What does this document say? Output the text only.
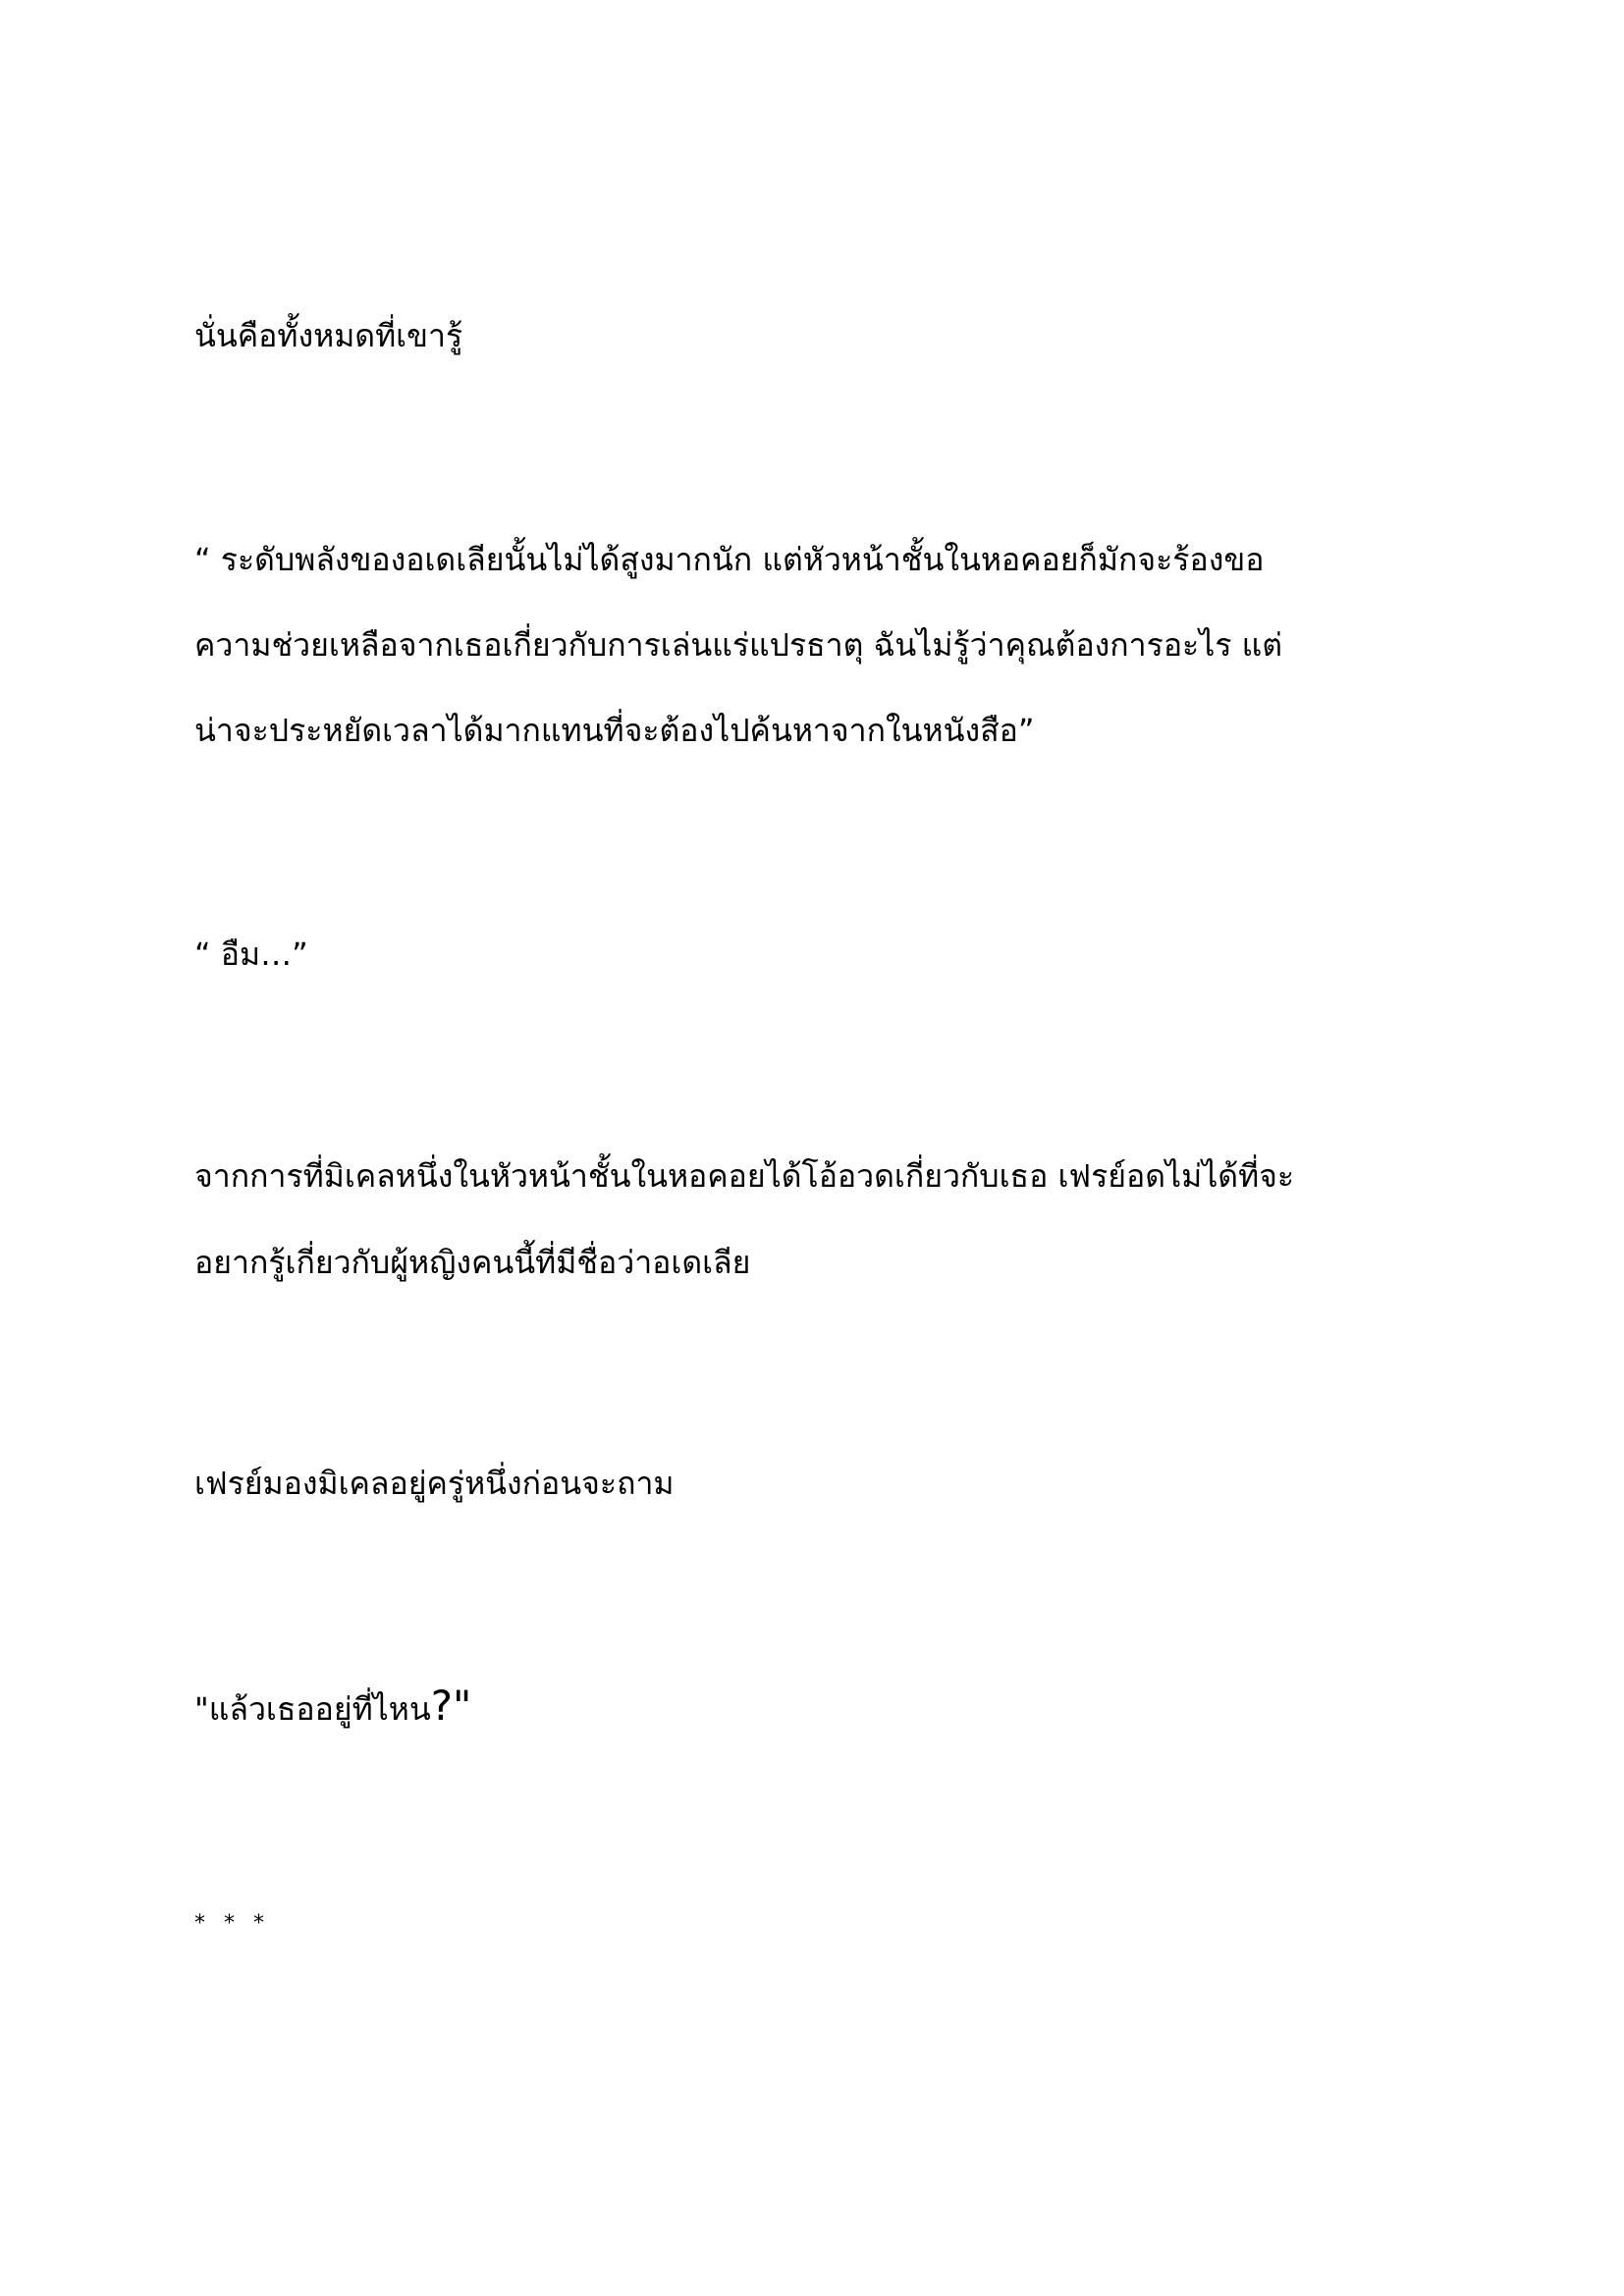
นั่นคือทั้งหมดที่เขารู้
“ ระดับพลังของอเดเลียนั้นไม่ได้สูงมากนัก แต่หัวหน้าชั้นในหอคอยก็มักจะร้องขอ
ความช่วยเหลือจากเธอเกี่ยวกับการเล่นแร่แปรธาตุ ฉันไม่รู้ว่าคุณต้องการอะไร แต่
น่าจะประหยัดเวลาได้มากแทนที่จะต้องไปค้นหาจากในหนังสือ”
“ อืม…”
จากการที่มิเคลหนึ่งในหัวหน้าชั้นในหอคอยได้โอ้อวดเกี่ยวกับเธอ เฟรย์อดไม่ได้ที่จะ
อยากรู้เกี่ยวกับผู้หญิงคนนี้ที่มีชื่อว่าอเดเลีย
เฟรย์มองมิเคลอยู่ครู่หนึ่งก่อนจะถาม
"แล้วเธออยู่ที่ไหน?"
* * *
